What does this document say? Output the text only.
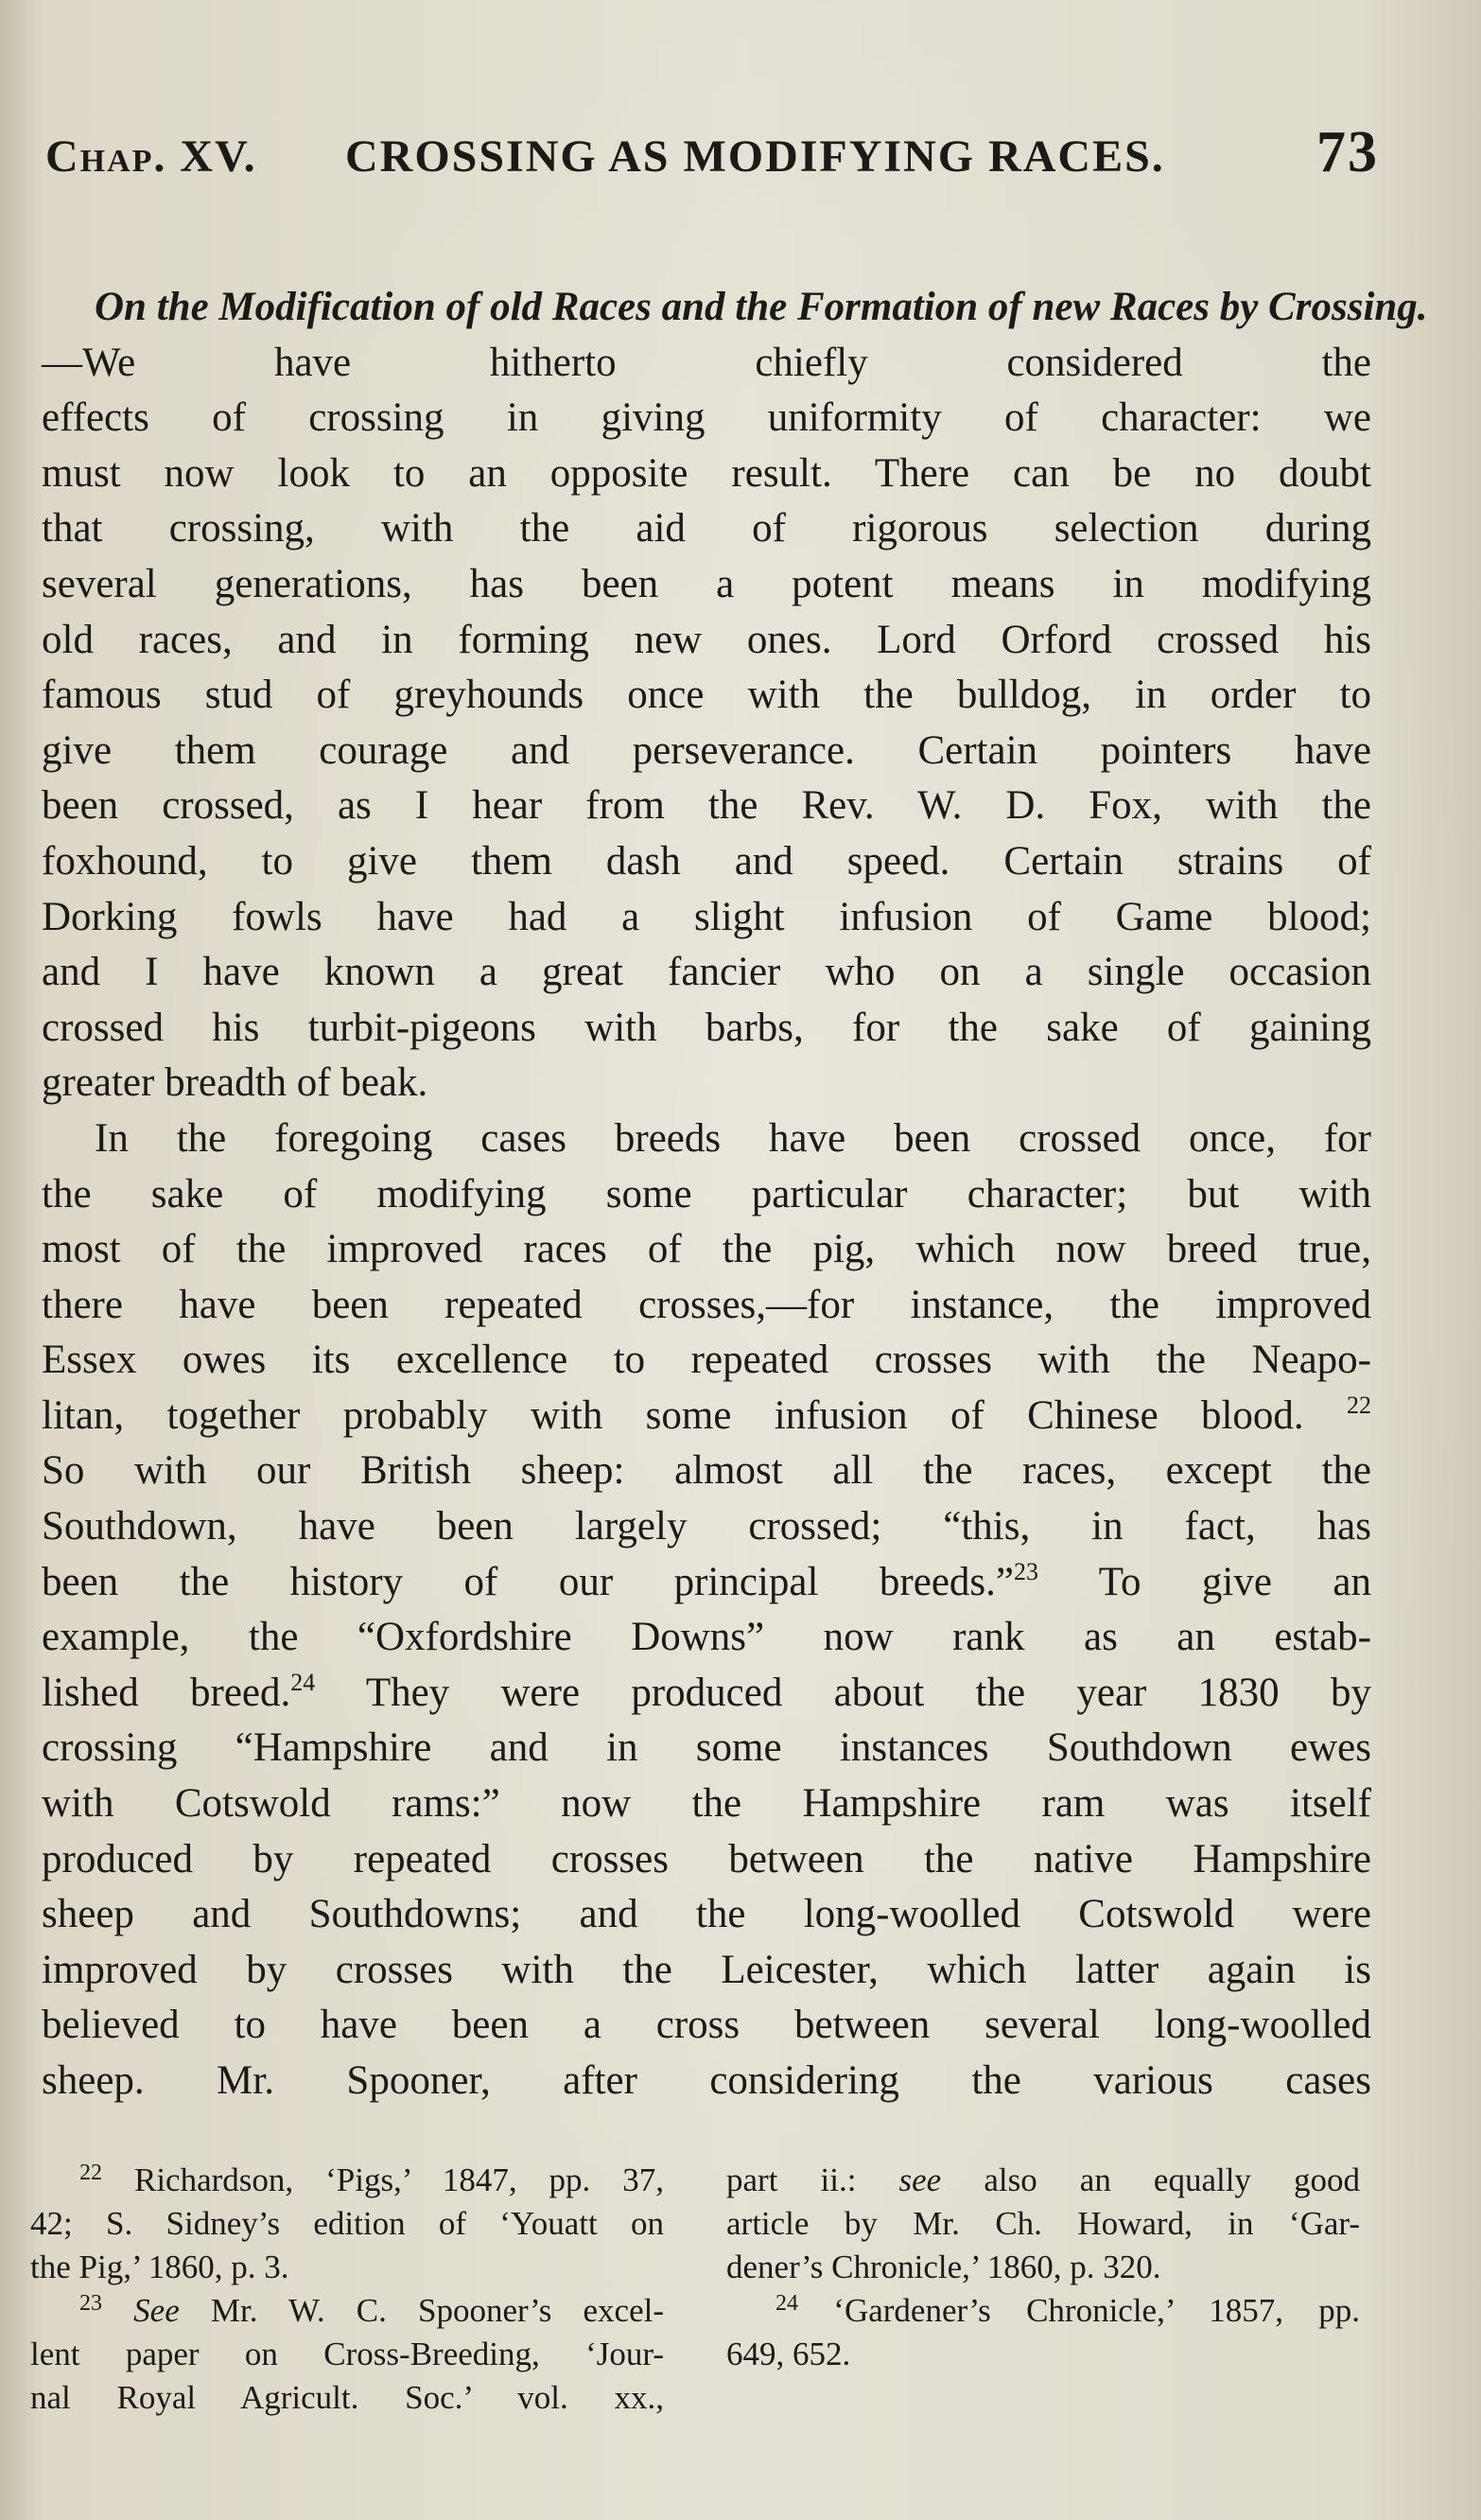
Chap. XV. CROSSING AS MODIFYING RACES.	73
On the Modification of old Races and the Formation of new Races by Crossing.
—We have hitherto chiefly considered the
effects of crossing in giving uniformity of character: we
must now look to an opposite result. There can be no doubt
that crossing, with the aid of rigorous selection during
several generations, has been a potent means in modifying
old races, and in forming new ones. Lord Orford crossed his
famous stud of greyhounds once with the bulldog, in order to
give them courage and perseverance. Certain pointers have
been crossed, as I hear from the Rev. W. D. Fox, with the
foxhound, to give them dash and speed. Certain strains of
Dorking fowls have had a slight infusion of Game blood;
and I have known a great fancier who on a single occasion
crossed his turbit-pigeons with barbs, for the sake of gaining
greater breadth of beak.
In the foregoing cases breeds have been crossed once, for
the sake of modifying some particular character; but with
most of the improved races of the pig, which now breed true,
there have been repeated crosses,—for instance, the improved
Essex owes its excellence to repeated crosses with the Neapo-
litan, together probably with some infusion of Chinese blood. $^{22}$
So with our British sheep: almost all the races, except the
Southdown, have been largely crossed; “this, in fact, has
been the history of our principal breeds.”$^{23}$ To give an
example, the “Oxfordshire Downs” now rank as an estab-
lished breed.$^{24}$ They were produced about the year 1830 by
crossing “Hampshire and in some instances Southdown ewes
with Cotswold rams:” now the Hampshire ram was itself
produced by repeated crosses between the native Hampshire
sheep and Southdowns; and the long-woolled Cotswold were
improved by crosses with the Leicester, which latter again is
believed to have been a cross between several long-woolled
sheep. Mr. Spooner, after considering the various cases
$^{22}$ Richardson, ‘Pigs,’ 1847, pp. 37,
42; S. Sidney’s edition of ‘Youatt on
the Pig,’ 1860, p. 3.
$^{23}$ See Mr. W. C. Spooner’s excel-
lent paper on Cross-Breeding, ‘Jour-
nal Royal Agricult. Soc.’ vol. xx.,
part ii.: see also an equally good
article by Mr. Ch. Howard, in ‘Gar-
dener’s Chronicle,’ 1860, p. 320.
$^{24}$ ‘Gardener’s Chronicle,’ 1857, pp.
649, 652.
